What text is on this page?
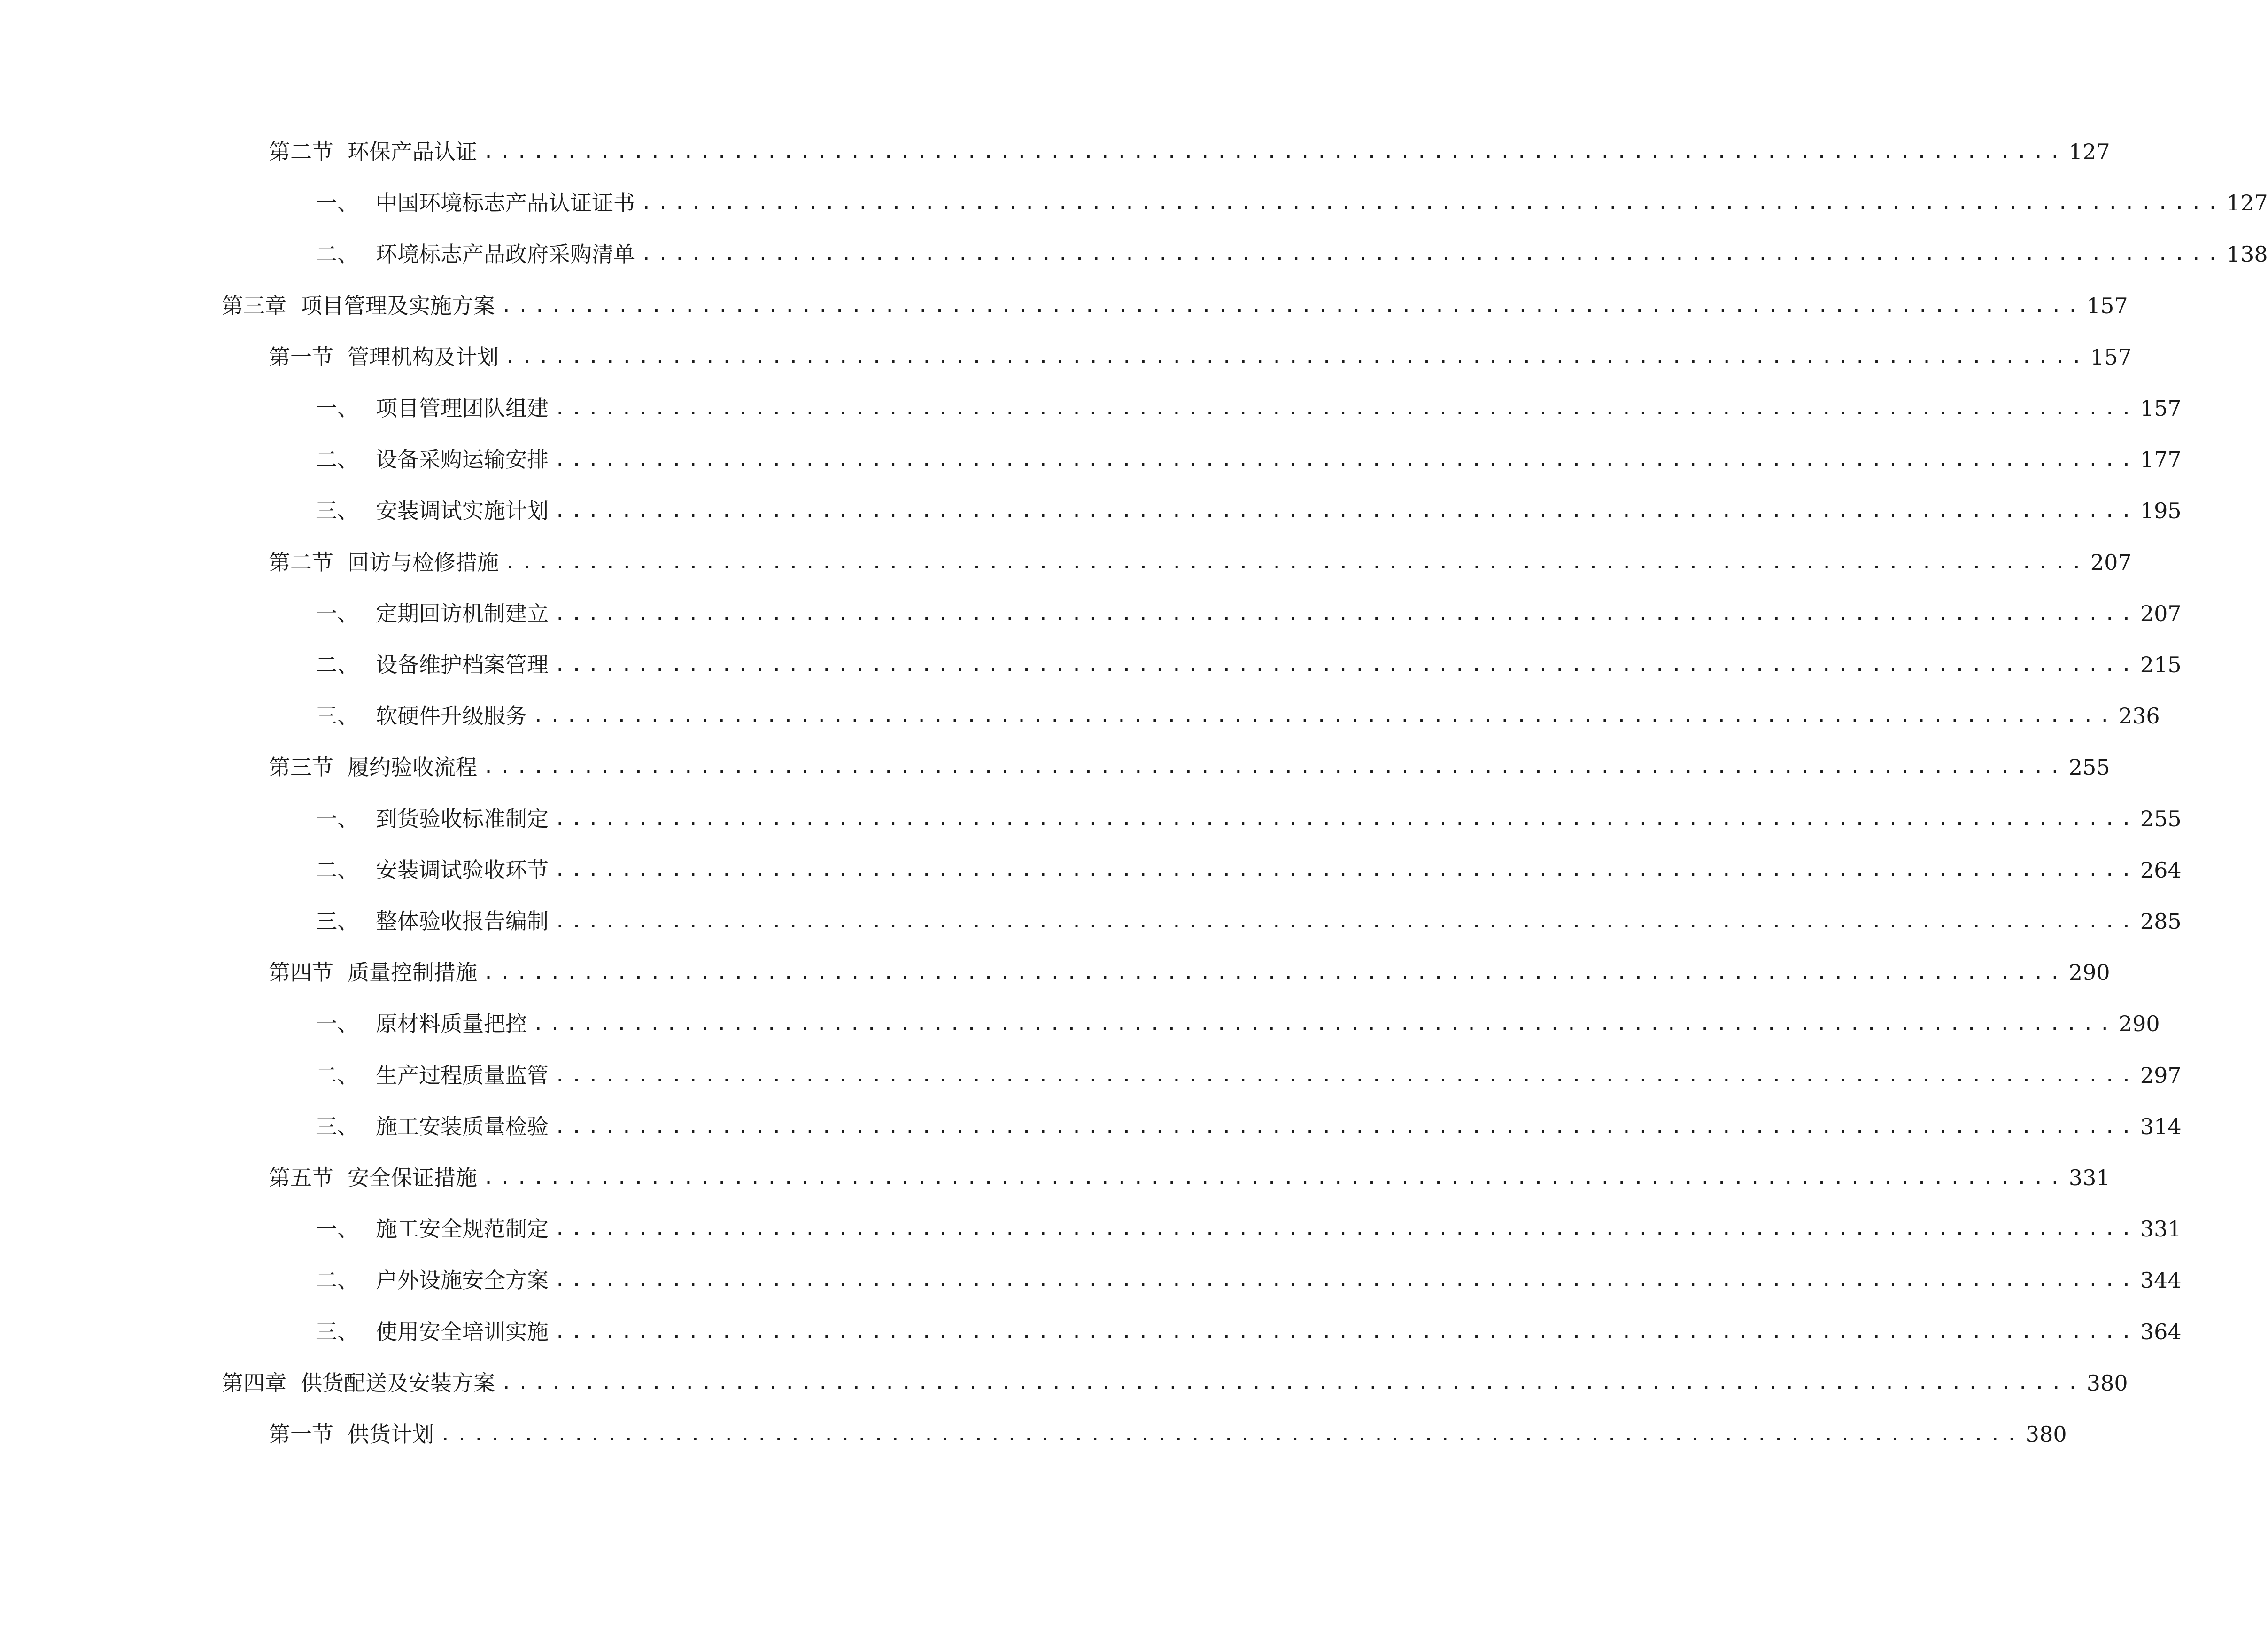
第二节 环保产品认证 ............................................................................................... 127
一、 中国环境标志产品认证证书 ............................................................................................... 127
二、 环境标志产品政府采购清单 ............................................................................................... 138
第三章 项目管理及实施方案 ............................................................................................... 157
第一节 管理机构及计划 ............................................................................................... 157
一、 项目管理团队组建 ............................................................................................... 157
二、 设备采购运输安排 ............................................................................................... 177
三、 安装调试实施计划 ............................................................................................... 195
第二节 回访与检修措施 ............................................................................................... 207
一、 定期回访机制建立 ............................................................................................... 207
二、 设备维护档案管理 ............................................................................................... 215
三、 软硬件升级服务 ............................................................................................... 236
第三节 履约验收流程 ............................................................................................... 255
一、 到货验收标准制定 ............................................................................................... 255
二、 安装调试验收环节 ............................................................................................... 264
三、 整体验收报告编制 ............................................................................................... 285
第四节 质量控制措施 ............................................................................................... 290
一、 原材料质量把控 ............................................................................................... 290
二、 生产过程质量监管 ............................................................................................... 297
三、 施工安装质量检验 ............................................................................................... 314
第五节 安全保证措施 ............................................................................................... 331
一、 施工安全规范制定 ............................................................................................... 331
二、 户外设施安全方案 ............................................................................................... 344
三、 使用安全培训实施 ............................................................................................... 364
第四章 供货配送及安装方案 ............................................................................................... 380
第一节 供货计划 ............................................................................................... 380
